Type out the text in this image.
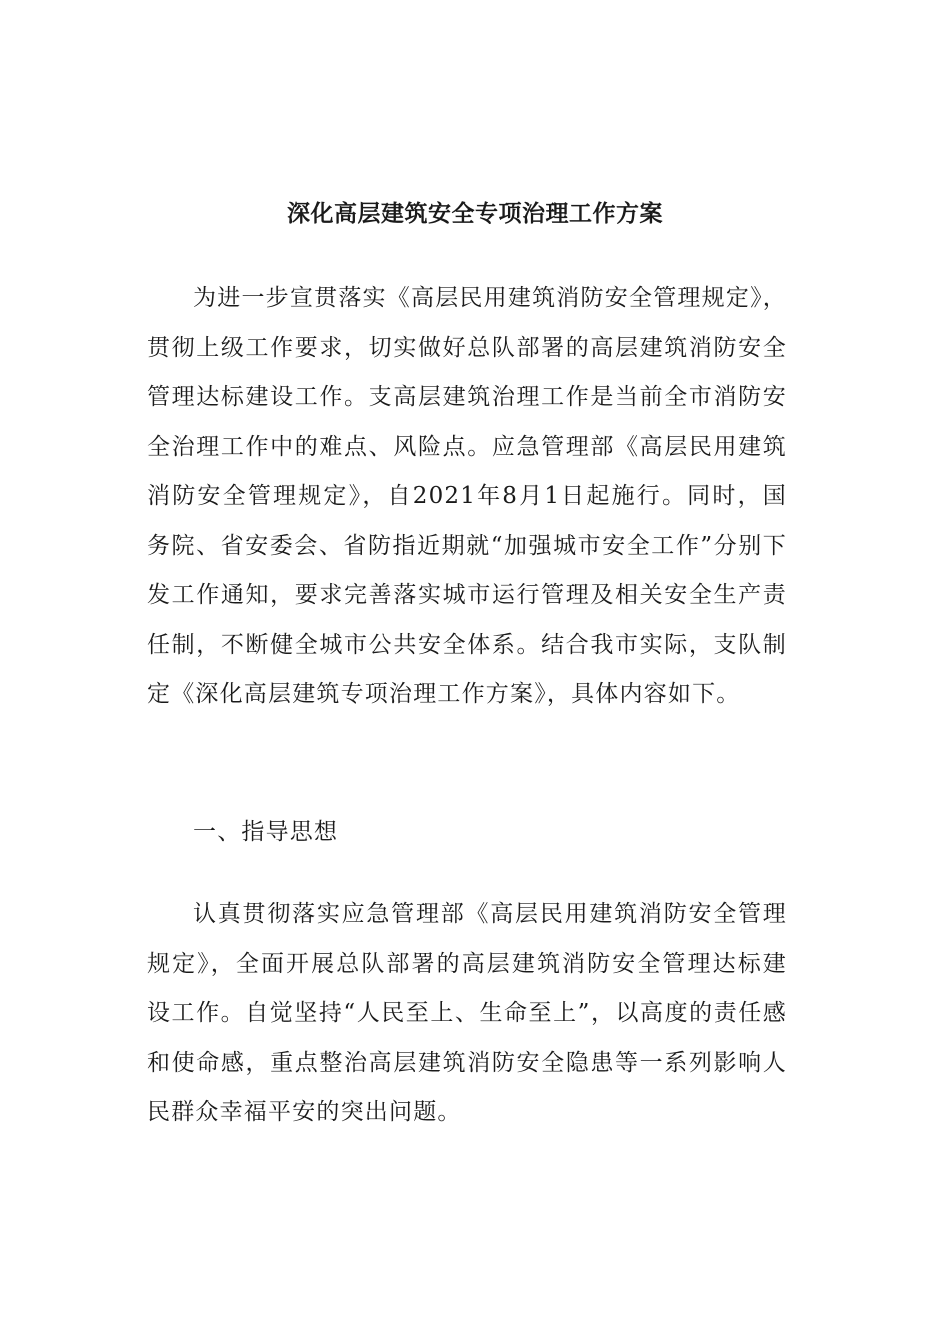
深化高层建筑安全专项治理工作方案

为进一步宣贯落实《高层民用建筑消防安全管理规定》，贯彻上级工作要求，切实做好总队部署的高层建筑消防安全管理达标建设工作。支高层建筑治理工作是当前全市消防安全治理工作中的难点、风险点。应急管理部《高层民用建筑消防安全管理规定》，自2021年8月1日起施行。同时，国务院、省安委会、省防指近期就“加强城市安全工作”分别下发工作通知，要求完善落实城市运行管理及相关安全生产责任制，不断健全城市公共安全体系。结合我市实际，支队制定《深化高层建筑专项治理工作方案》，具体内容如下。

一、指导思想

认真贯彻落实应急管理部《高层民用建筑消防安全管理规定》，全面开展总队部署的高层建筑消防安全管理达标建设工作。自觉坚持“人民至上、生命至上”，以高度的责任感和使命感，重点整治高层建筑消防安全隐患等一系列影响人民群众幸福平安的突出问题。
